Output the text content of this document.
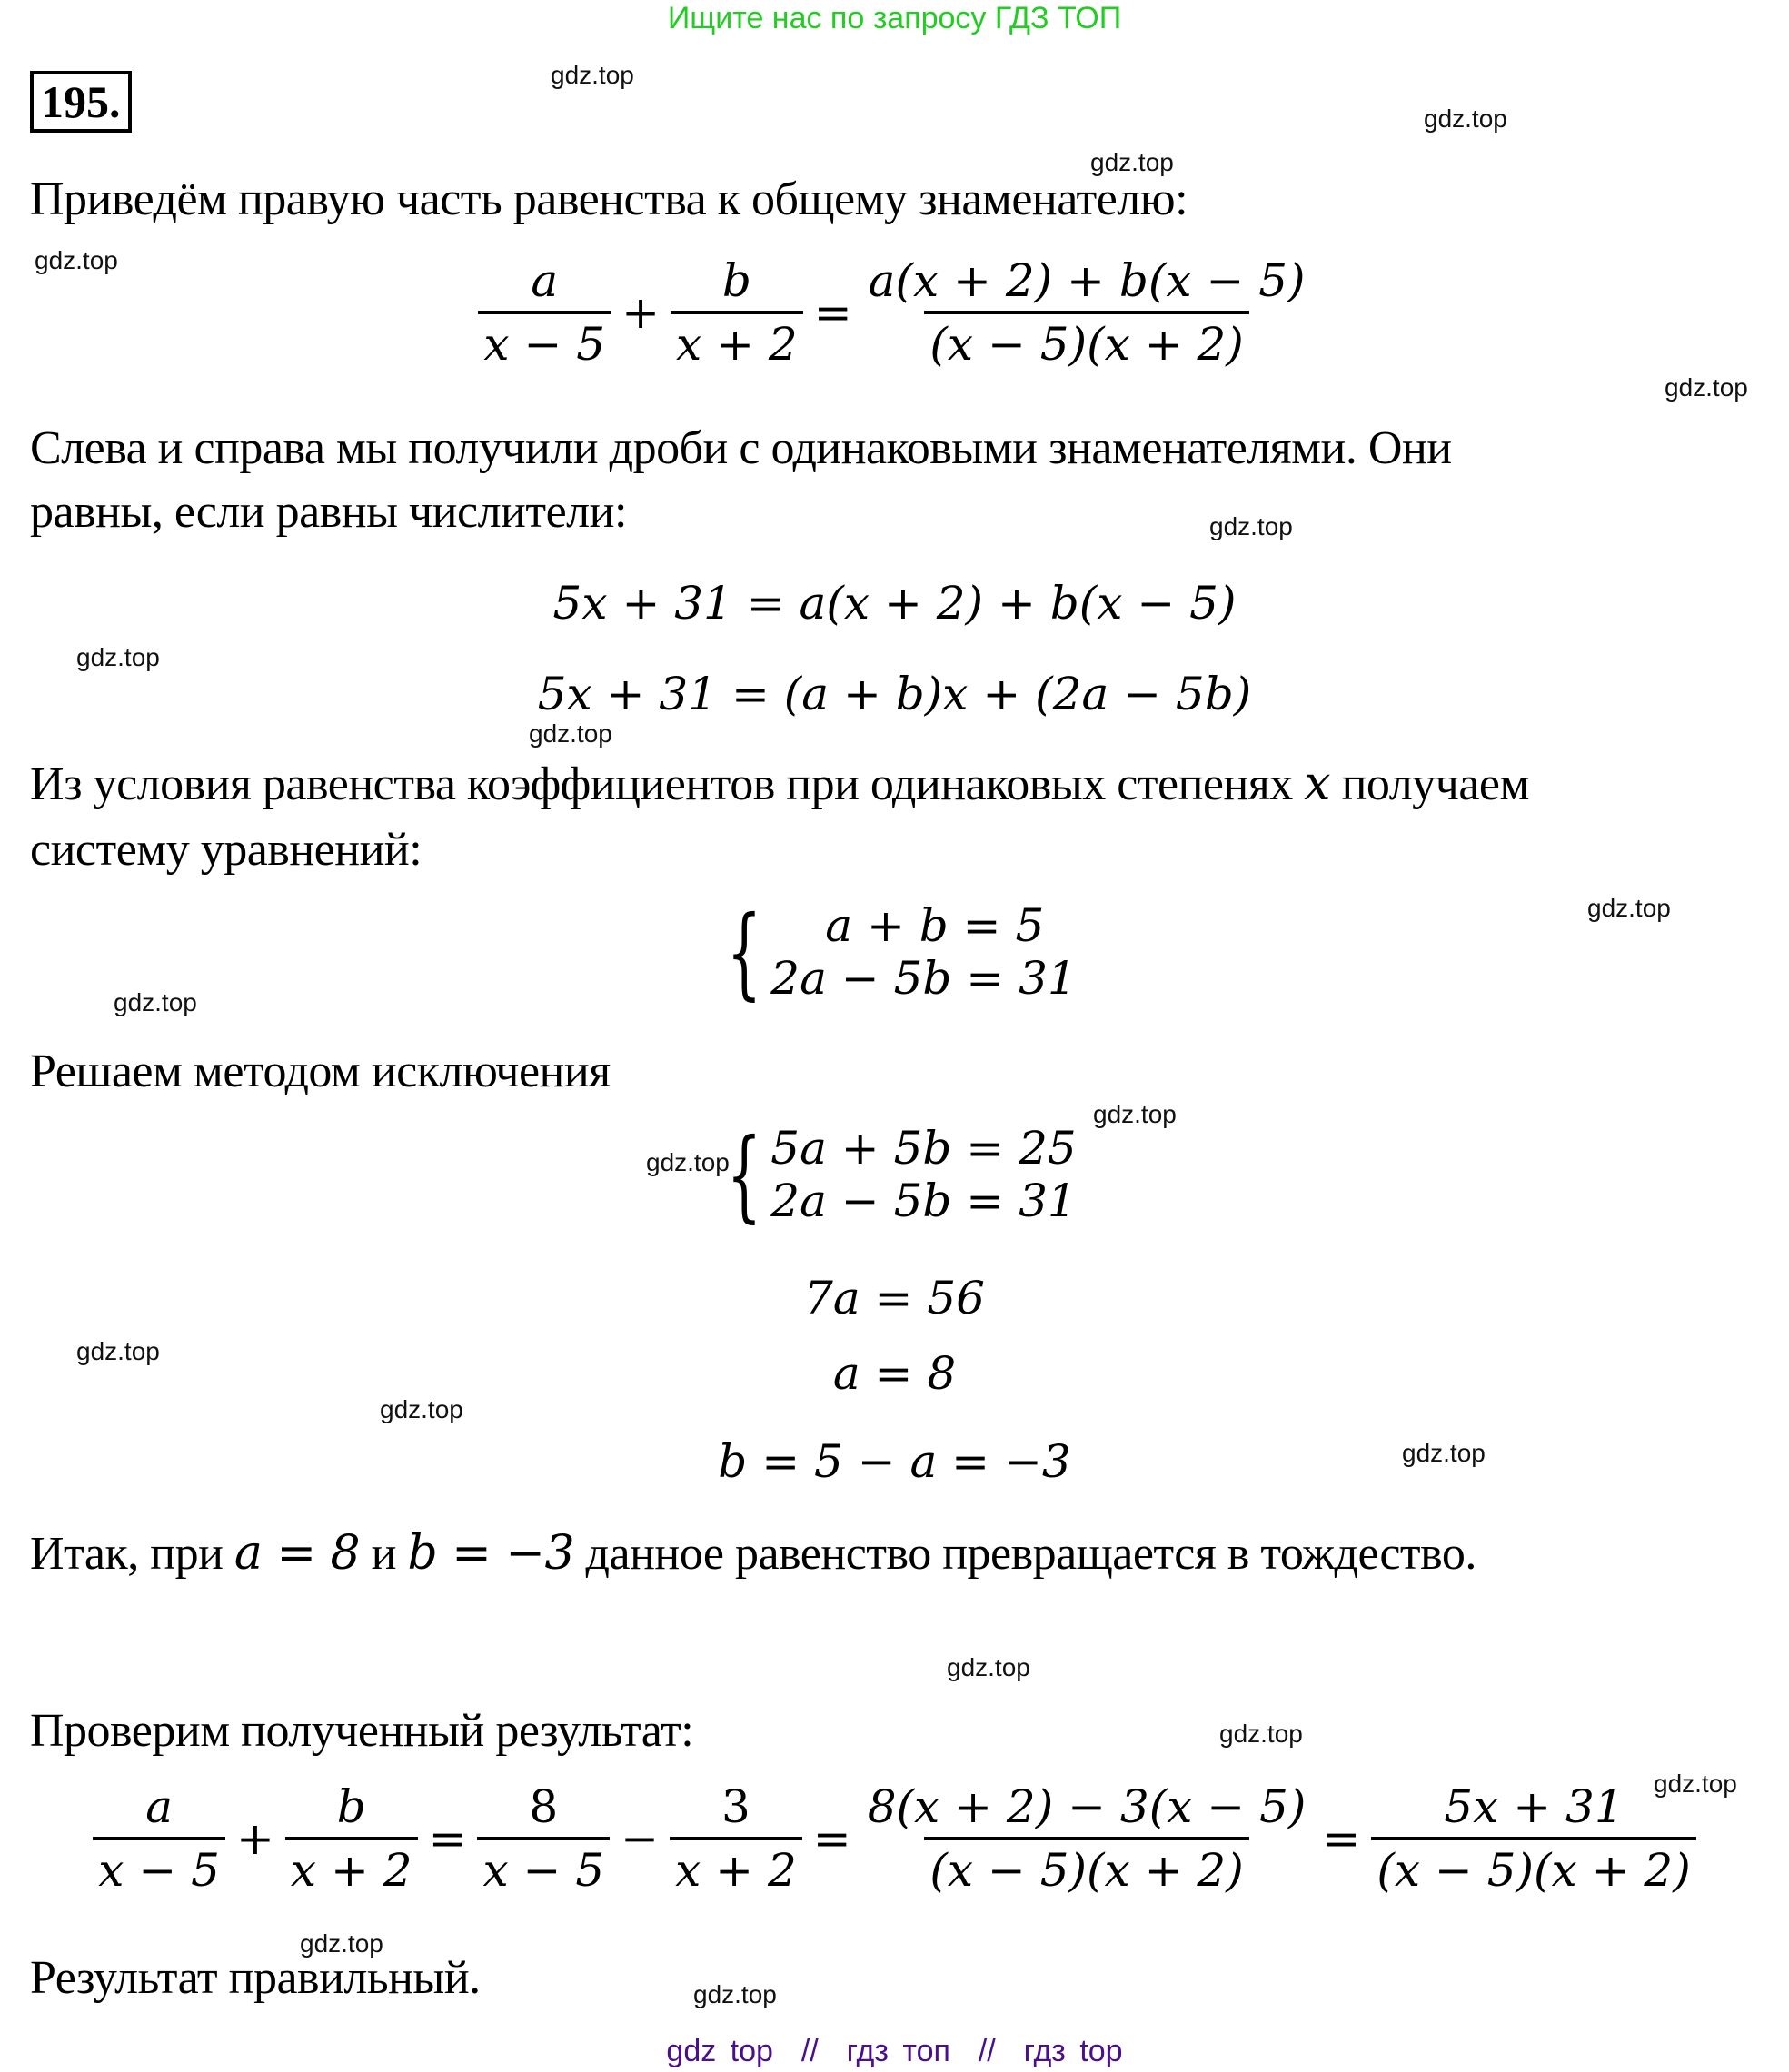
Ищите нас по запросу ГДЗ ТОП
195.
gdz.top
gdz.top
gdz.top
gdz.top
gdz.top
gdz.top
gdz.top
gdz.top
gdz.top
gdz.top
gdz.top
gdz.top
gdz.top
gdz.top
gdz.top
gdz.top
gdz.top
gdz.top
gdz.top
gdz.top
Приведём правую часть равенства к общему знаменателю:
$\frac{a}{x - 5} + \frac{b}{x + 2} = \frac{a(x + 2) + b(x - 5)}{(x - 5)(x + 2)}$
Слева и справа мы получили дроби с одинаковыми знаменателями. Они
равны, если равны числители:
5x + 31 = a(x + 2) + b(x − 5)
5x + 31 = (a + b)x + (2a − 5b)
Из условия равенства коэффициентов при одинаковых степенях x получаем
систему уравнений:
{	a + b = 5
2a − 5b = 31
Решаем методом исключения
{ 5a + 5b = 25
2a − 5b = 31
7a = 56
a = 8
b = 5 − a = −3
Итак, при a = 8 и b = −3 данное равенство превращается в тождество.
Проверим полученный результат:
$\frac{a}{x - 5} + \frac{b}{x + 2} = \frac{8}{x - 5} - \frac{3}{x + 2} = \frac{8(x + 2) - 3(x - 5)}{(x - 5)(x + 2)} = \frac{5x + 31}{(x - 5)(x + 2)}$
Результат правильный.
gdz top  //  гдз топ  //  гдз top
